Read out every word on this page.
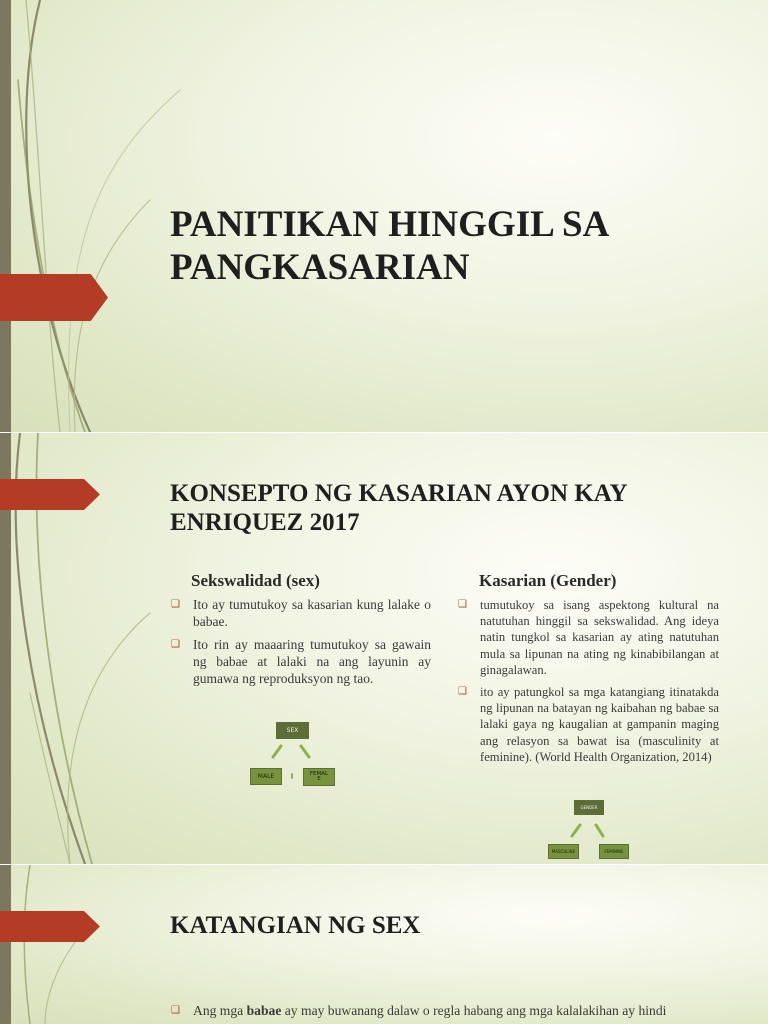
PANITIKAN HINGGIL SA
PANGKASARIAN
KONSEPTO NG KASARIAN AYON KAY
ENRIQUEZ 2017
Sekswalidad (sex)
❑ Ito ay tumutukoy sa kasarian kung lalake o babae.
❑ Ito rin ay maaaring tumutukoy sa gawain ng babae at lalaki na ang layunin ay gumawa ng reproduksyon ng tao.
SEX
MALE	FEMAL
E
Kasarian (Gender)
❑ tumutukoy sa isang aspektong kultural na natutuhan hinggil sa sekswalidad. Ang ideya natin tungkol sa kasarian ay ating natutuhan mula sa lipunan na ating ng kinabibilangan at ginagalawan.
❑ ito ay patungkol sa mga katangiang itinatakda ng lipunan na batayan ng kaibahan ng babae sa lalaki gaya ng kaugalian at gampanin maging ang relasyon sa bawat isa (masculinity at feminine). (World Health Organization, 2014)
GENDER
MASCULINE	FEMININE
KATANGIAN NG SEX
❑ Ang mga babae ay may buwanang dalaw o regla habang ang mga kalalakihan ay hindi
